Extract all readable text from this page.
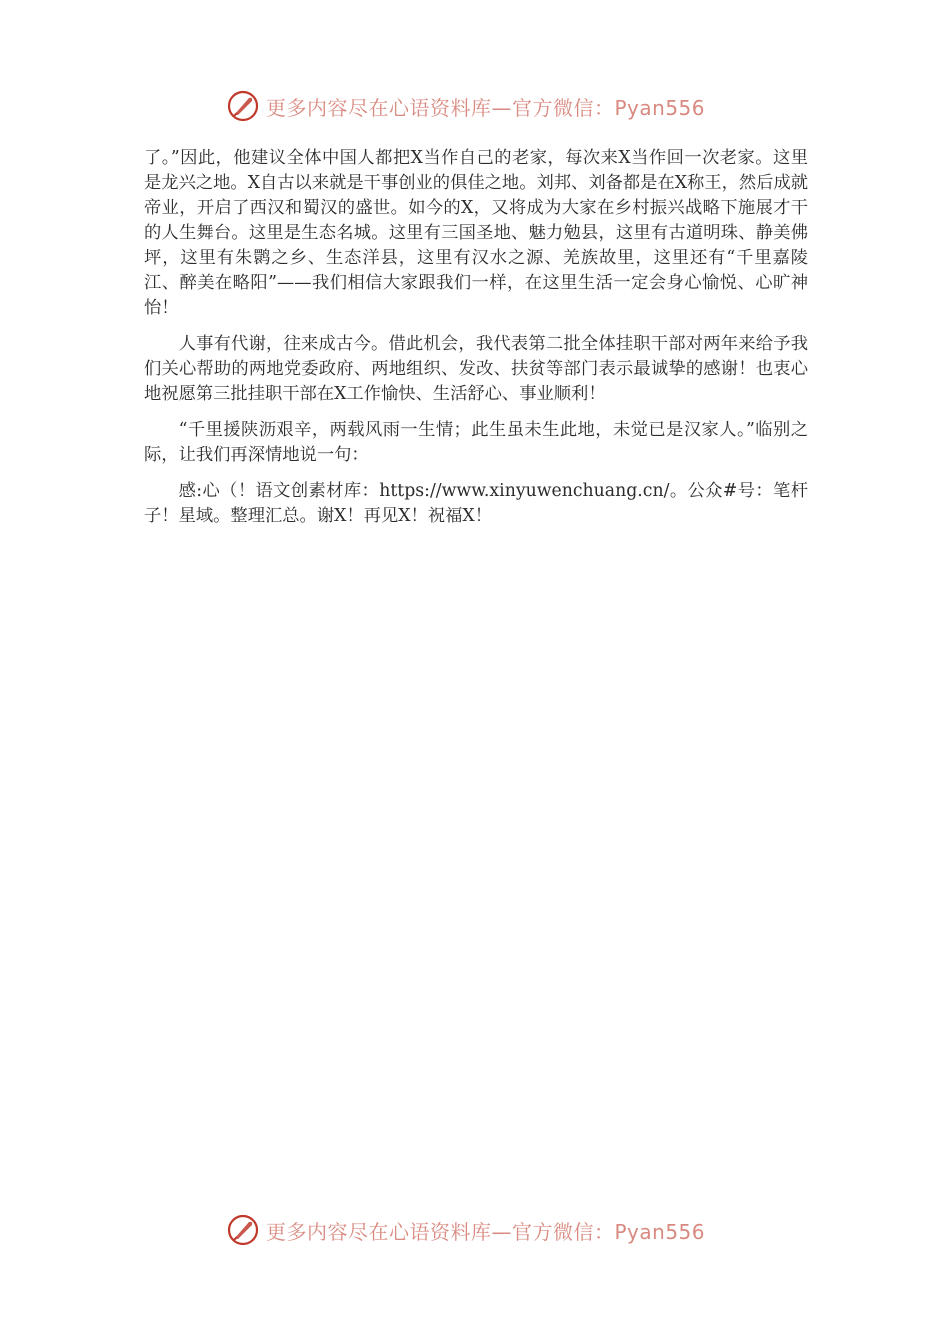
更多内容尽在心语资料库—官方微信：Pyan556

了。”因此，他建议全体中国人都把X当作自己的老家，每次来X当作回一次老家。这里是龙兴之地。X自古以来就是干事创业的俱佳之地。刘邦、刘备都是在X称王，然后成就帝业，开启了西汉和蜀汉的盛世。如今的X，又将成为大家在乡村振兴战略下施展才干的人生舞台。这里是生态名城。这里有三国圣地、魅力勉县，这里有古道明珠、静美佛坪，这里有朱鹮之乡、生态洋县，这里有汉水之源、羌族故里，这里还有“千里嘉陵江、醉美在略阳”——我们相信大家跟我们一样，在这里生活一定会身心愉悦、心旷神怡！

人事有代谢，往来成古今。借此机会，我代表第二批全体挂职干部对两年来给予我们关心帮助的两地党委政府、两地组织、发改、扶贫等部门表示最诚挚的感谢！也衷心地祝愿第三批挂职干部在X工作愉快、生活舒心、事业顺利！

“千里援陕沥艰辛，两载风雨一生情；此生虽未生此地，未觉已是汉家人。”临别之际，让我们再深情地说一句：

感:心（！语文创素材库：https://www.xinyuwenchuang.cn/。公众#号：笔杆子！星域。整理汇总。谢X！再见X！祝福X！

更多内容尽在心语资料库—官方微信：Pyan556
